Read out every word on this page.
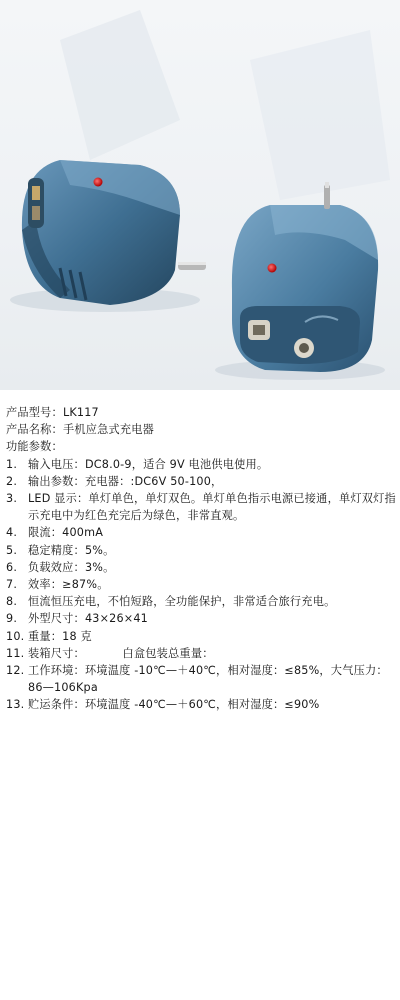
产品型号：LK117
产品名称：手机应急式充电器
功能参数：
1. 输入电压：DC8.0-9，适合 9V 电池供电使用。
2. 输出参数：充电器：:DC6V 50-100，
3. LED 显示：单灯单色，单灯双色。单灯单色指示电源已接通，单灯双灯指示充电中为红色充完后为绿色，非常直观。
4. 限流：400mA
5. 稳定精度：5%。
6. 负载效应：3%。
7. 效率：≥87%。
8. 恒流恒压充电，不怕短路，全功能保护，非常适合旅行充电。
9. 外型尺寸：43×26×41
10. 重量：18 克
11. 装箱尺寸：          白盒包装总重量：
12. 工作环境：环境温度 -10℃—＋40℃，相对湿度：≤85%，大气压力：86—106Kpa
13. 贮运条件：环境温度 -40℃—＋60℃，相对湿度：≤90%
